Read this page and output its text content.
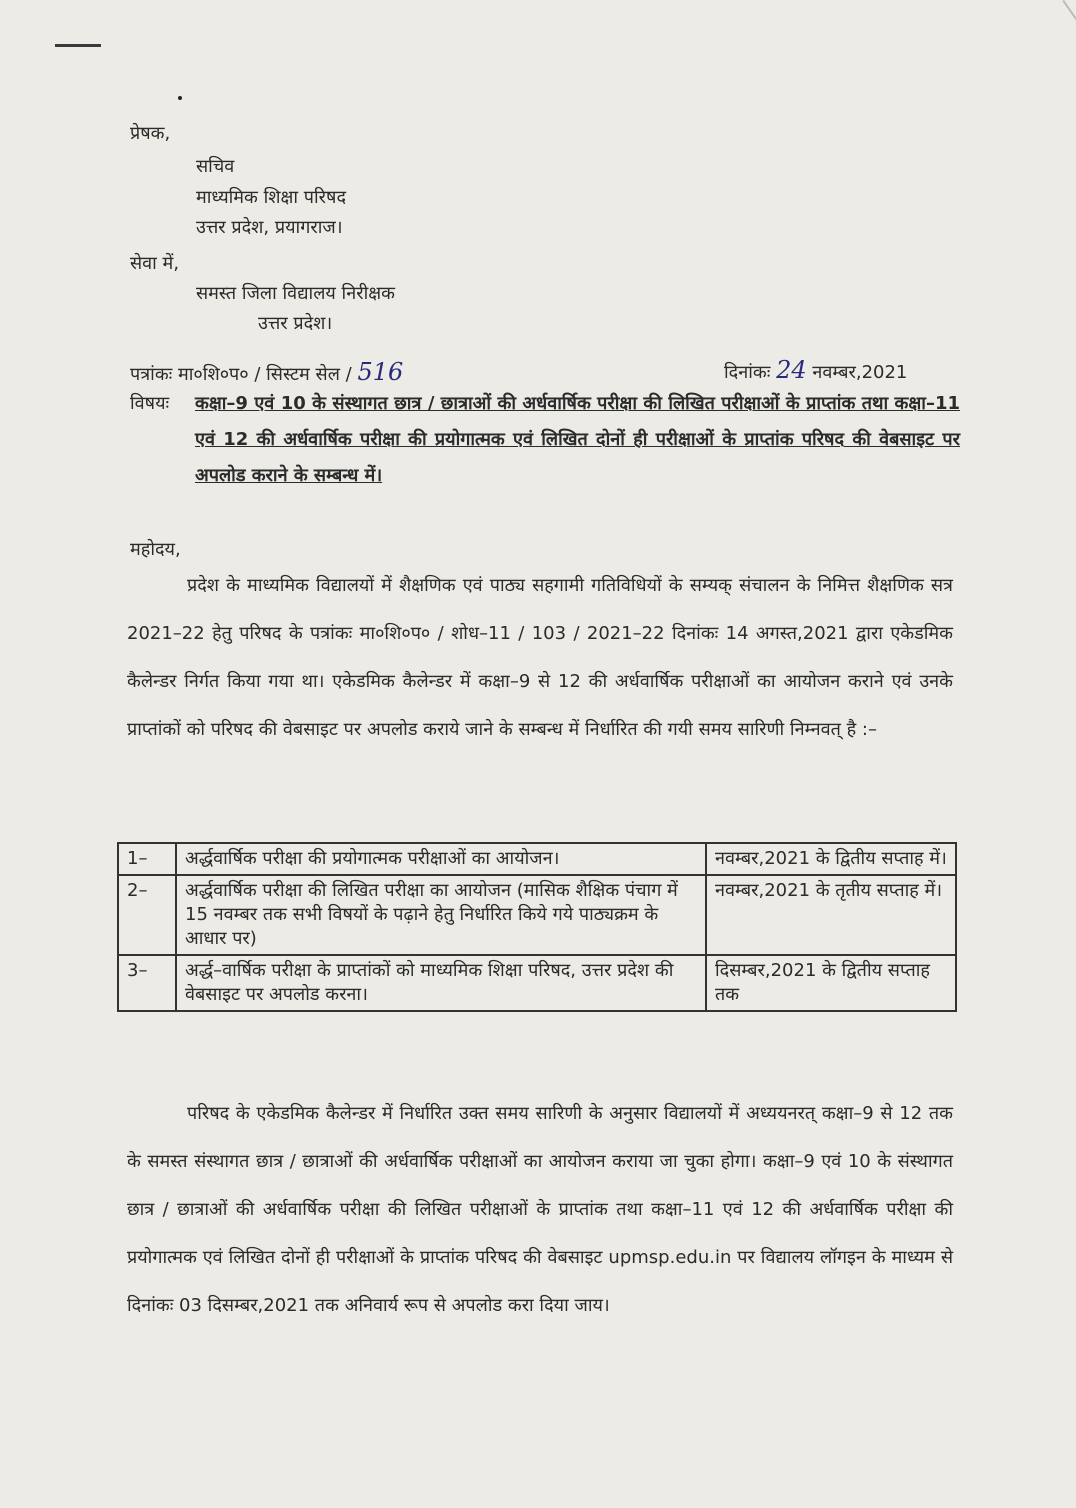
प्रेषक,
सचिव
माध्यमिक शिक्षा परिषद
उत्तर प्रदेश, प्रयागराज।
सेवा में,
समस्त जिला विद्यालय निरीक्षक
उत्तर प्रदेश।
पत्रांकः मा०शि०प० / सिस्टम सेल / 516	दिनांकः 24 नवम्बर,2021
विषयः कक्षा–9 एवं 10 के संस्थागत छात्र / छात्राओं की अर्धवार्षिक परीक्षा की लिखित परीक्षाओं के प्राप्तांक तथा कक्षा–11 एवं 12 की अर्धवार्षिक परीक्षा की प्रयोगात्मक एवं लिखित दोनों ही परीक्षाओं के प्राप्तांक परिषद की वेबसाइट पर अपलोड कराने के सम्बन्ध में।
महोदय,
प्रदेश के माध्यमिक विद्यालयों में शैक्षणिक एवं पाठ्य सहगामी गतिविधियों के सम्यक् संचालन के निमित्त शैक्षणिक सत्र 2021–22 हेतु परिषद के पत्रांकः मा०शि०प० / शोध–11 / 103 / 2021–22 दिनांकः 14 अगस्त,2021 द्वारा एकेडमिक कैलेन्डर निर्गत किया गया था। एकेडमिक कैलेन्डर में कक्षा–9 से 12 की अर्धवार्षिक परीक्षाओं का आयोजन कराने एवं उनके प्राप्तांकों को परिषद की वेबसाइट पर अपलोड कराये जाने के सम्बन्ध में निर्धारित की गयी समय सारिणी निम्नवत् है :–
1–	अर्द्धवार्षिक परीक्षा की प्रयोगात्मक परीक्षाओं का आयोजन।	नवम्बर,2021 के द्वितीय सप्ताह में।
2–	अर्द्धवार्षिक परीक्षा की लिखित परीक्षा का आयोजन (मासिक शैक्षिक पंचाग में 15 नवम्बर तक सभी विषयों के पढ़ाने हेतु निर्धारित किये गये पाठ्यक्रम के आधार पर)	नवम्बर,2021 के तृतीय सप्ताह में।
3–	अर्द्ध–वार्षिक परीक्षा के प्राप्तांकों को माध्यमिक शिक्षा परिषद, उत्तर प्रदेश की वेबसाइट पर अपलोड करना।	दिसम्बर,2021 के द्वितीय सप्ताह तक
परिषद के एकेडमिक कैलेन्डर में निर्धारित उक्त समय सारिणी के अनुसार विद्यालयों में अध्ययनरत् कक्षा–9 से 12 तक के समस्त संस्थागत छात्र / छात्राओं की अर्धवार्षिक परीक्षाओं का आयोजन कराया जा चुका होगा। कक्षा–9 एवं 10 के संस्थागत छात्र / छात्राओं की अर्धवार्षिक परीक्षा की लिखित परीक्षाओं के प्राप्तांक तथा कक्षा–11 एवं 12 की अर्धवार्षिक परीक्षा की प्रयोगात्मक एवं लिखित दोनों ही परीक्षाओं के प्राप्तांक परिषद की वेबसाइट upmsp.edu.in पर विद्यालय लॉगइन के माध्यम से दिनांकः 03 दिसम्बर,2021 तक अनिवार्य रूप से अपलोड करा दिया जाय।
